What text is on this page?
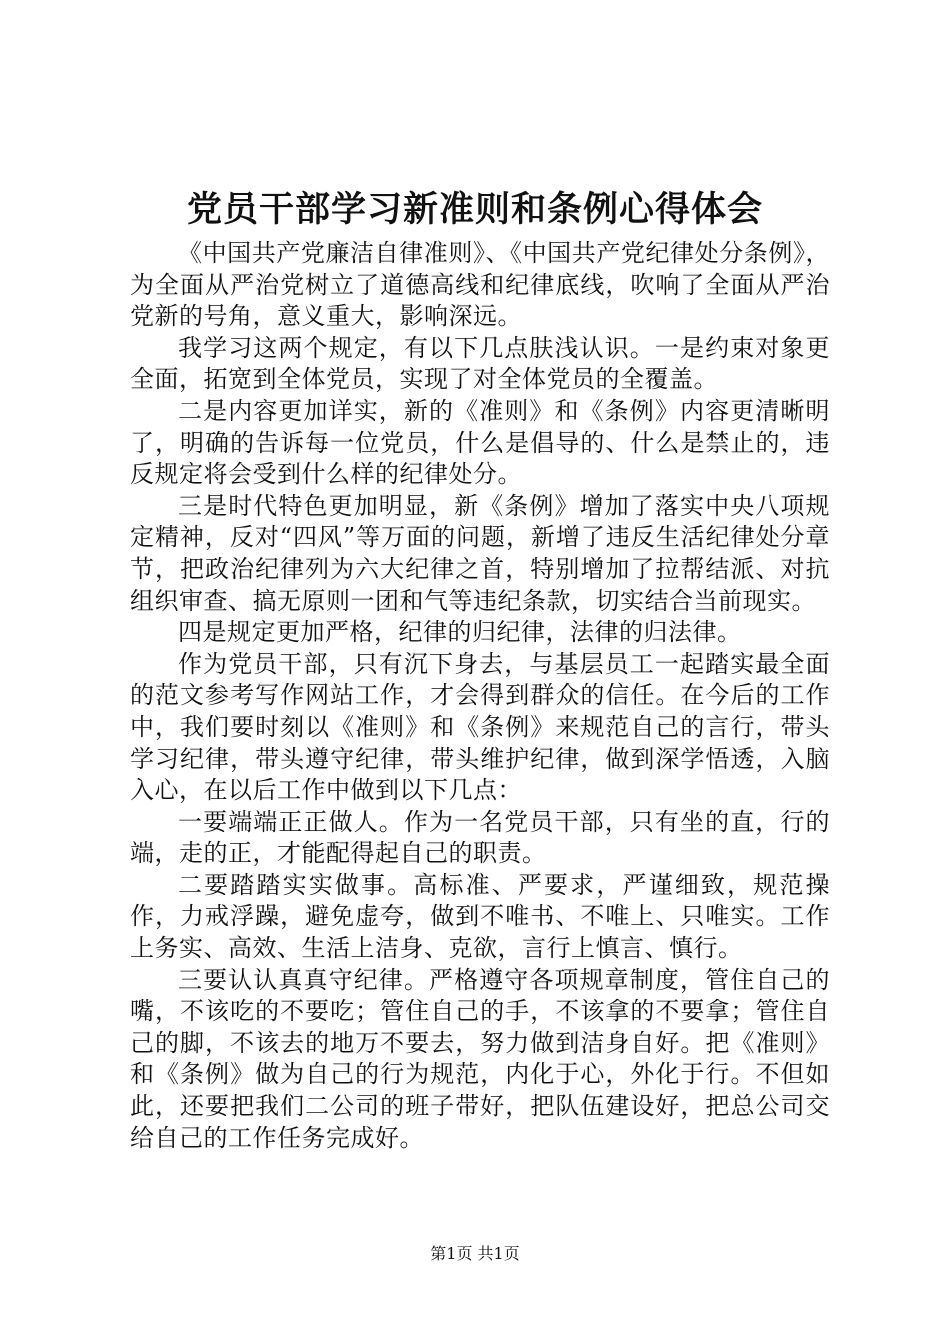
党员干部学习新准则和条例心得体会

《中国共产党廉洁自律准则》、《中国共产党纪律处分条例》，为全面从严治党树立了道德高线和纪律底线，吹响了全面从严治党新的号角，意义重大，影响深远。

我学习这两个规定，有以下几点肤浅认识。一是约束对象更全面，拓宽到全体党员，实现了对全体党员的全覆盖。

二是内容更加详实，新的《准则》和《条例》内容更清晰明了，明确的告诉每一位党员，什么是倡导的、什么是禁止的，违反规定将会受到什么样的纪律处分。

三是时代特色更加明显，新《条例》增加了落实中央八项规定精神，反对“四风”等万面的问题，新增了违反生活纪律处分章节，把政治纪律列为六大纪律之首，特别增加了拉帮结派、对抗组织审查、搞无原则一团和气等违纪条款，切实结合当前现实。

四是规定更加严格，纪律的归纪律，法律的归法律。

作为党员干部，只有沉下身去，与基层员工一起踏实最全面的范文参考写作网站工作，才会得到群众的信任。在今后的工作中，我们要时刻以《准则》和《条例》来规范自己的言行，带头学习纪律，带头遵守纪律，带头维护纪律，做到深学悟透，入脑入心，在以后工作中做到以下几点：

一要端端正正做人。作为一名党员干部，只有坐的直，行的端，走的正，才能配得起自己的职责。

二要踏踏实实做事。高标准、严要求，严谨细致，规范操作，力戒浮躁，避免虚夸，做到不唯书、不唯上、只唯实。工作上务实、高效、生活上洁身、克欲，言行上慎言、慎行。

三要认认真真守纪律。严格遵守各项规章制度，管住自己的嘴，不该吃的不要吃；管住自己的手，不该拿的不要拿；管住自己的脚，不该去的地万不要去，努力做到洁身自好。把《准则》和《条例》做为自己的行为规范，内化于心，外化于行。不但如此，还要把我们二公司的班子带好，把队伍建设好，把总公司交给自己的工作任务完成好。

第1页 共1页
